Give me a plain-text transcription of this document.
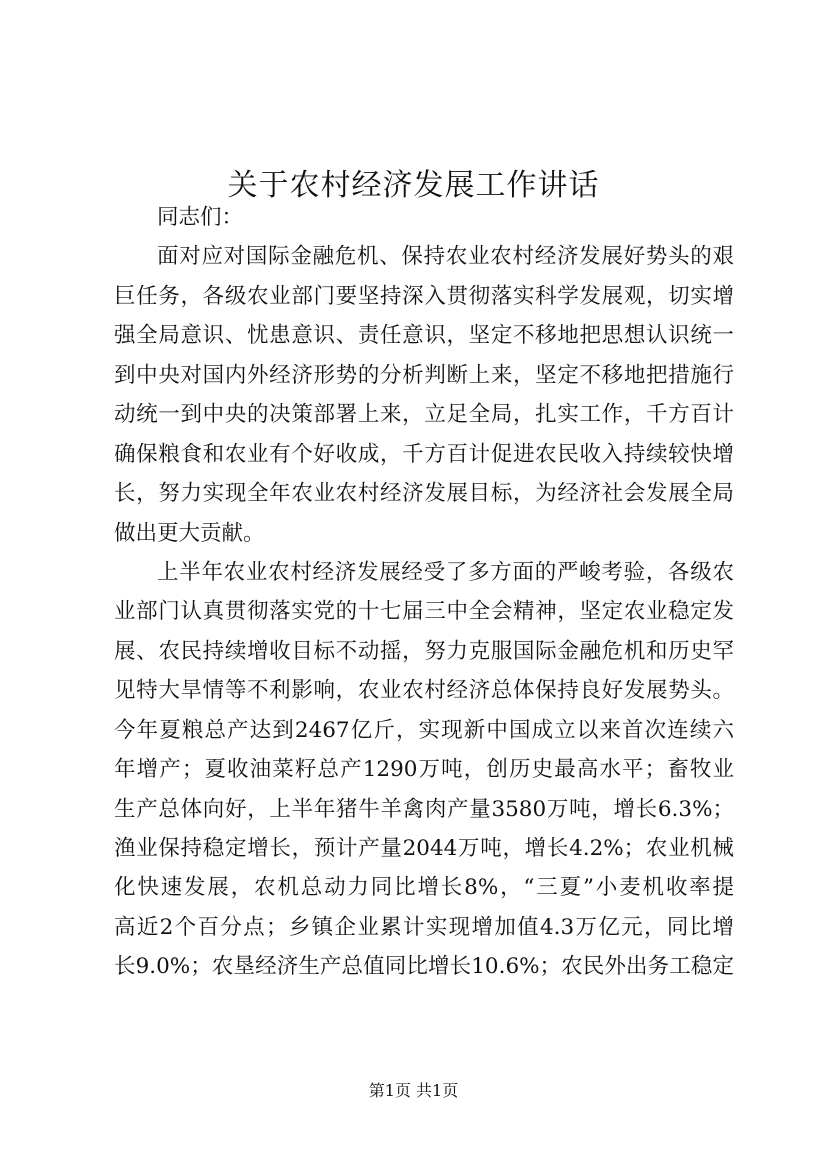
关于农村经济发展工作讲话
同志们：
面对应对国际金融危机、保持农业农村经济发展好势头的艰
巨任务，各级农业部门要坚持深入贯彻落实科学发展观，切实增
强全局意识、忧患意识、责任意识，坚定不移地把思想认识统一
到中央对国内外经济形势的分析判断上来，坚定不移地把措施行
动统一到中央的决策部署上来，立足全局，扎实工作，千方百计
确保粮食和农业有个好收成，千方百计促进农民收入持续较快增
长，努力实现全年农业农村经济发展目标，为经济社会发展全局
做出更大贡献。
上半年农业农村经济发展经受了多方面的严峻考验，各级农
业部门认真贯彻落实党的十七届三中全会精神，坚定农业稳定发
展、农民持续增收目标不动摇，努力克服国际金融危机和历史罕
见特大旱情等不利影响，农业农村经济总体保持良好发展势头。
今年夏粮总产达到2467亿斤，实现新中国成立以来首次连续六
年增产；夏收油菜籽总产1290万吨，创历史最高水平；畜牧业
生产总体向好，上半年猪牛羊禽肉产量3580万吨，增长6.3%；
渔业保持稳定增长，预计产量2044万吨，增长4.2%；农业机械
化快速发展，农机总动力同比增长8%，“三夏”小麦机收率提
高近2个百分点；乡镇企业累计实现增加值4.3万亿元，同比增
长9.0%；农垦经济生产总值同比增长10.6%；农民外出务工稳定
第1页 共1页
